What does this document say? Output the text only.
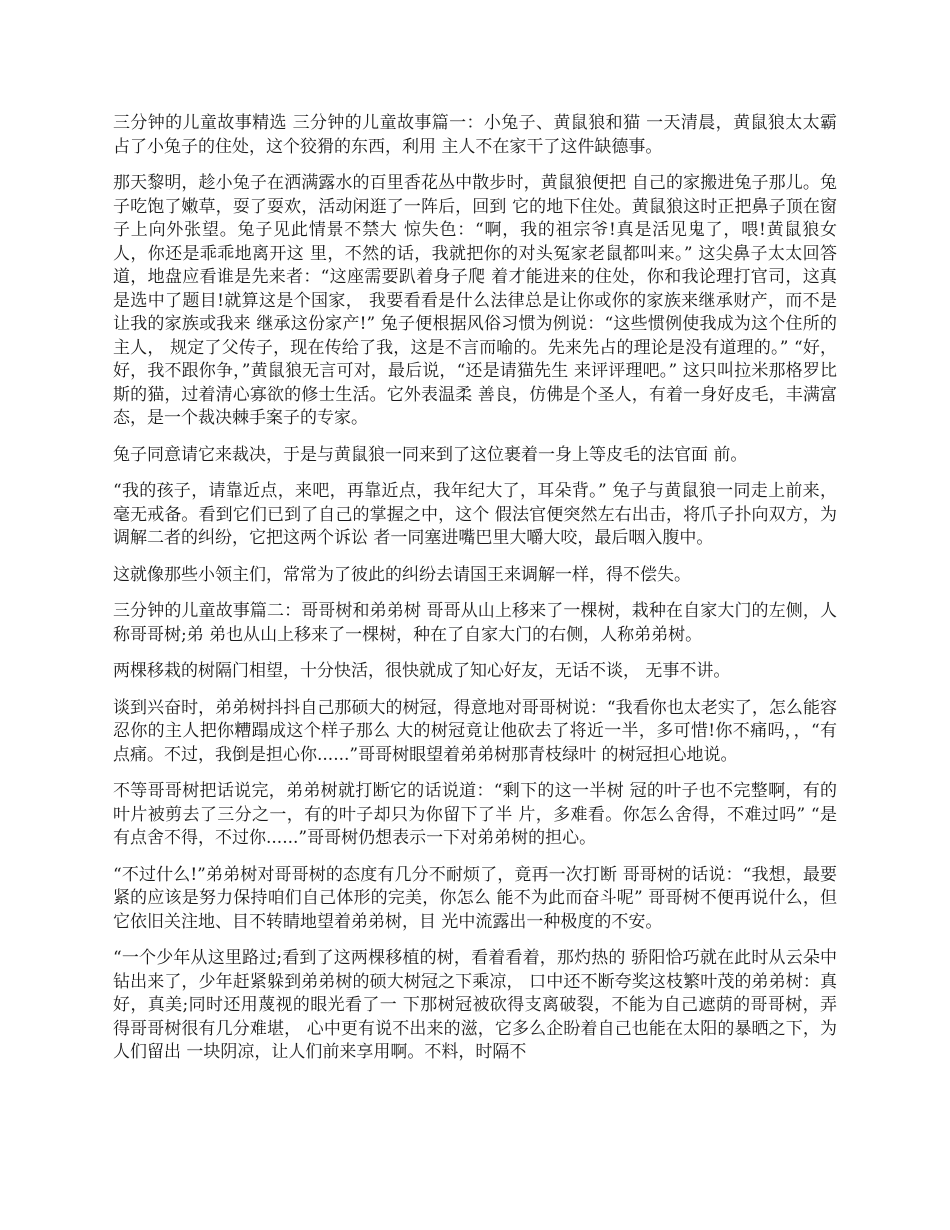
三分钟的儿童故事精选 三分钟的儿童故事篇一：小兔子、黄鼠狼和猫 一天清晨，黄鼠狼太太霸占了小兔子的住处，这个狡猾的东西，利用 主人不在家干了这件缺德事。

那天黎明，趁小兔子在洒满露水的百里香花丛中散步时，黄鼠狼便把 自己的家搬进兔子那儿。兔子吃饱了嫩草，耍了耍欢，活动闲逛了一阵后，回到 它的地下住处。黄鼠狼这时正把鼻子顶在窗子上向外张望。兔子见此情景不禁大 惊失色：“啊，我的祖宗爷!真是活见鬼了，喂!黄鼠狼女人，你还是乖乖地离开这 里，不然的话，我就把你的对头冤家老鼠都叫来。” 这尖鼻子太太回答道，地盘应看谁是先来者：“这座需要趴着身子爬 着才能进来的住处，你和我论理打官司，这真是选中了题目!就算这是个国家， 我要看看是什么法律总是让你或你的家族来继承财产，而不是让我的家族或我来 继承这份家产!” 兔子便根据风俗习惯为例说：“这些惯例使我成为这个住所的主人， 规定了父传子，现在传给了我，这是不言而喻的。先来先占的理论是没有道理的。” “好，好，我不跟你争，”黄鼠狼无言可对，最后说，“还是请猫先生 来评评理吧。” 这只叫拉米那格罗比斯的猫，过着清心寡欲的修士生活。它外表温柔 善良，仿佛是个圣人，有着一身好皮毛，丰满富态，是一个裁决棘手案子的专家。

兔子同意请它来裁决，于是与黄鼠狼一同来到了这位裹着一身上等皮毛的法官面 前。

“我的孩子，请靠近点，来吧，再靠近点，我年纪大了，耳朵背。” 兔子与黄鼠狼一同走上前来，毫无戒备。看到它们已到了自己的掌握之中，这个 假法官便突然左右出击，将爪子扑向双方，为调解二者的纠纷，它把这两个诉讼 者一同塞进嘴巴里大嚼大咬，最后咽入腹中。

这就像那些小领主们，常常为了彼此的纠纷去请国王来调解一样，得不偿失。

三分钟的儿童故事篇二：哥哥树和弟弟树 哥哥从山上移来了一棵树，栽种在自家大门的左侧，人称哥哥树;弟 弟也从山上移来了一棵树，种在了自家大门的右侧，人称弟弟树。

两棵移栽的树隔门相望，十分快活，很快就成了知心好友，无话不谈， 无事不讲。

谈到兴奋时，弟弟树抖抖自己那硕大的树冠，得意地对哥哥树说：“我看你也太老实了，怎么能容忍你的主人把你糟蹋成这个样子那么 大的树冠竟让他砍去了将近一半，多可惜!你不痛吗，，“有点痛。不过，我倒是担心你......”哥哥树眼望着弟弟树那青枝绿叶 的树冠担心地说。

不等哥哥树把话说完，弟弟树就打断它的话说道：“剩下的这一半树 冠的叶子也不完整啊，有的叶片被剪去了三分之一，有的叶子却只为你留下了半 片，多难看。你怎么舍得，不难过吗” “是有点舍不得，不过你......”哥哥树仍想表示一下对弟弟树的担心。

“不过什么!”弟弟树对哥哥树的态度有几分不耐烦了，竟再一次打断 哥哥树的话说：“我想，最要紧的应该是努力保持咱们自己体形的完美，你怎么 能不为此而奋斗呢” 哥哥树不便再说什么，但它依旧关注地、目不转睛地望着弟弟树，目 光中流露出一种极度的不安。

“一个少年从这里路过;看到了这两棵移植的树，看着看着，那灼热的 骄阳恰巧就在此时从云朵中钻出来了，少年赶紧躲到弟弟树的硕大树冠之下乘凉， 口中还不断夸奖这枝繁叶茂的弟弟树：真好，真美;同时还用蔑视的眼光看了一 下那树冠被砍得支离破裂，不能为自己遮荫的哥哥树，弄得哥哥树很有几分难堪， 心中更有说不出来的滋，它多么企盼着自己也能在太阳的暴晒之下，为人们留出 一块阴凉，让人们前来享用啊。不料，时隔不
